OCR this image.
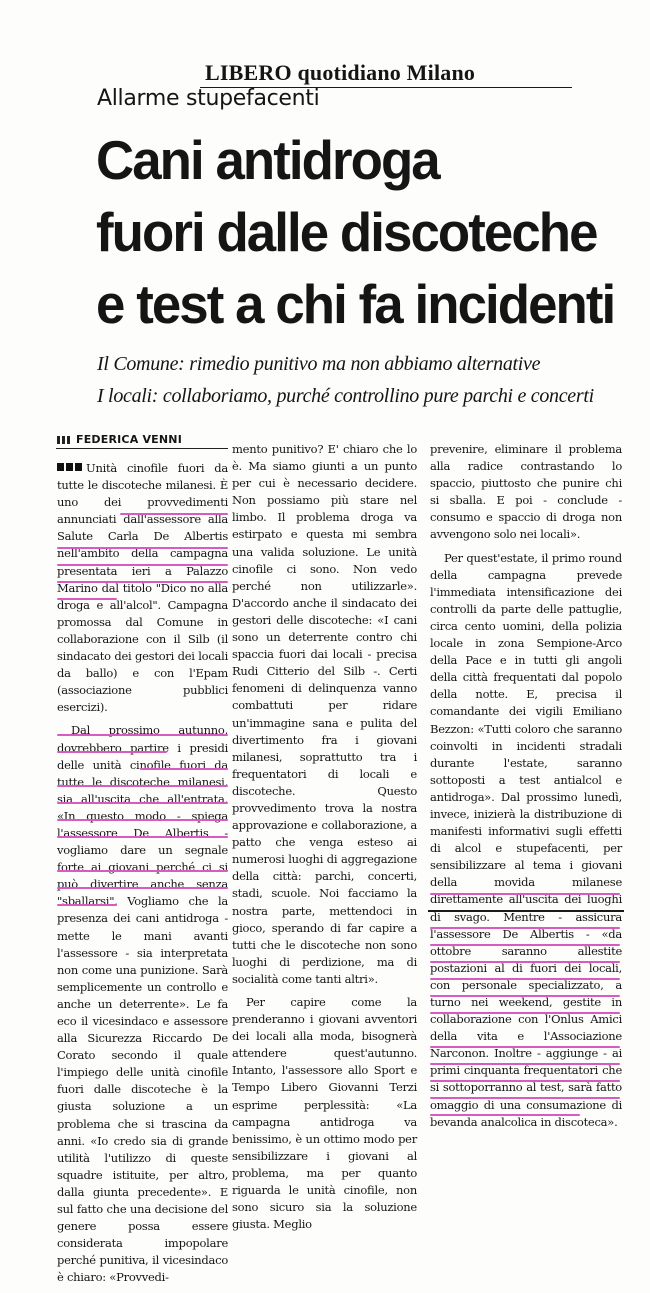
LIBERO quotidiano Milano
Allarme stupefacenti
Cani antidroga
fuori dalle discoteche
e test a chi fa incidenti
Il Comune: rimedio punitivo ma non abbiamo alternative
I locali: collaboriamo, purché controllino pure parchi e concerti
FEDERICA VENNI

Unità cinofile fuori da tutte le discoteche milanesi. È uno dei provvedimenti annunciati dall'assessore alla Salute Carla De Albertis nell'ambito della campagna presentata ieri a Palazzo Marino dal titolo "Dico no alla droga e all'alcol". Campagna promossa dal Comune in collaborazione con il Silb (il sindacato dei gestori dei locali da ballo) e con l'Epam (associazione pubblici esercizi).

Dal prossimo autunno, dovrebbero partire i presidi delle unità cinofile fuori da tutte le discoteche milanesi, sia all'uscita che all'entrata. «In questo modo - spiega l'assessore De Albertis - vogliamo dare un segnale forte ai giovani perché ci si può divertire anche senza "sballarsi". Vogliamo che la presenza dei cani antidroga - mette le mani avanti l'assessore - sia interpretata non come una punizione. Sarà semplicemente un controllo e anche un deterrente». Le fa eco il vicesindaco e assessore alla Sicurezza Riccardo De Corato secondo il quale l'impiego delle unità cinofile fuori dalle discoteche è la giusta soluzione a un problema che si trascina da anni. «Io credo sia di grande utilità l'utilizzo di queste squadre istituite, per altro, dalla giunta precedente». E sul fatto che una decisione del genere possa essere considerata impopolare perché punitiva, il vicesindaco è chiaro: «Provvedi-

mento punitivo? E' chiaro che lo è. Ma siamo giunti a un punto per cui è necessario decidere. Non possiamo più stare nel limbo. Il problema droga va estirpato e questa mi sembra una valida soluzione. Le unità cinofile ci sono. Non vedo perché non utilizzarle». D'accordo anche il sindacato dei gestori delle discoteche: «I cani sono un deterrente contro chi spaccia fuori dai locali - precisa Rudi Citterio del Silb -. Certi fenomeni di delinquenza vanno combattuti per ridare un'immagine sana e pulita del divertimento fra i giovani milanesi, soprattutto tra i frequentatori di locali e discoteche. Questo provvedimento trova la nostra approvazione e collaborazione, a patto che venga esteso ai numerosi luoghi di aggregazione della città: parchi, concerti, stadi, scuole. Noi facciamo la nostra parte, mettendoci in gioco, sperando di far capire a tutti che le discoteche non sono luoghi di perdizione, ma di socialità come tanti altri».

Per capire come la prenderanno i giovani avventori dei locali alla moda, bisognerà attendere quest'autunno. Intanto, l'assessore allo Sport e Tempo Libero Giovanni Terzi esprime perplessità: «La campagna antidroga va benissimo, è un ottimo modo per sensibilizzare i giovani al problema, ma per quanto riguarda le unità cinofile, non sono sicuro sia la soluzione giusta. Meglio

prevenire, eliminare il problema alla radice contrastando lo spaccio, piuttosto che punire chi si sballa. E poi - conclude - consumo e spaccio di droga non avvengono solo nei locali».

Per quest'estate, il primo round della campagna prevede l'immediata intensificazione dei controlli da parte delle pattuglie, circa cento uomini, della polizia locale in zona Sempione-Arco della Pace e in tutti gli angoli della città frequentati dal popolo della notte. E, precisa il comandante dei vigili Emiliano Bezzon: «Tutti coloro che saranno coinvolti in incidenti stradali durante l'estate, saranno sottoposti a test antialcol e antidroga». Dal prossimo lunedì, invece, inizierà la distribuzione di manifesti informativi sugli effetti di alcol e stupefacenti, per sensibilizzare al tema i giovani della movida milanese direttamente all'uscita dei luoghi di svago. Mentre - assicura l'assessore De Albertis - «da ottobre saranno allestite postazioni al di fuori dei locali, con personale specializzato, a turno nei weekend, gestite in collaborazione con l'Onlus Amici della vita e l'Associazione Narconon. Inoltre - aggiunge - ai primi cinquanta frequentatori che si sottoporranno al test, sarà fatto omaggio di una consumazione di bevanda analcolica in discoteca».
